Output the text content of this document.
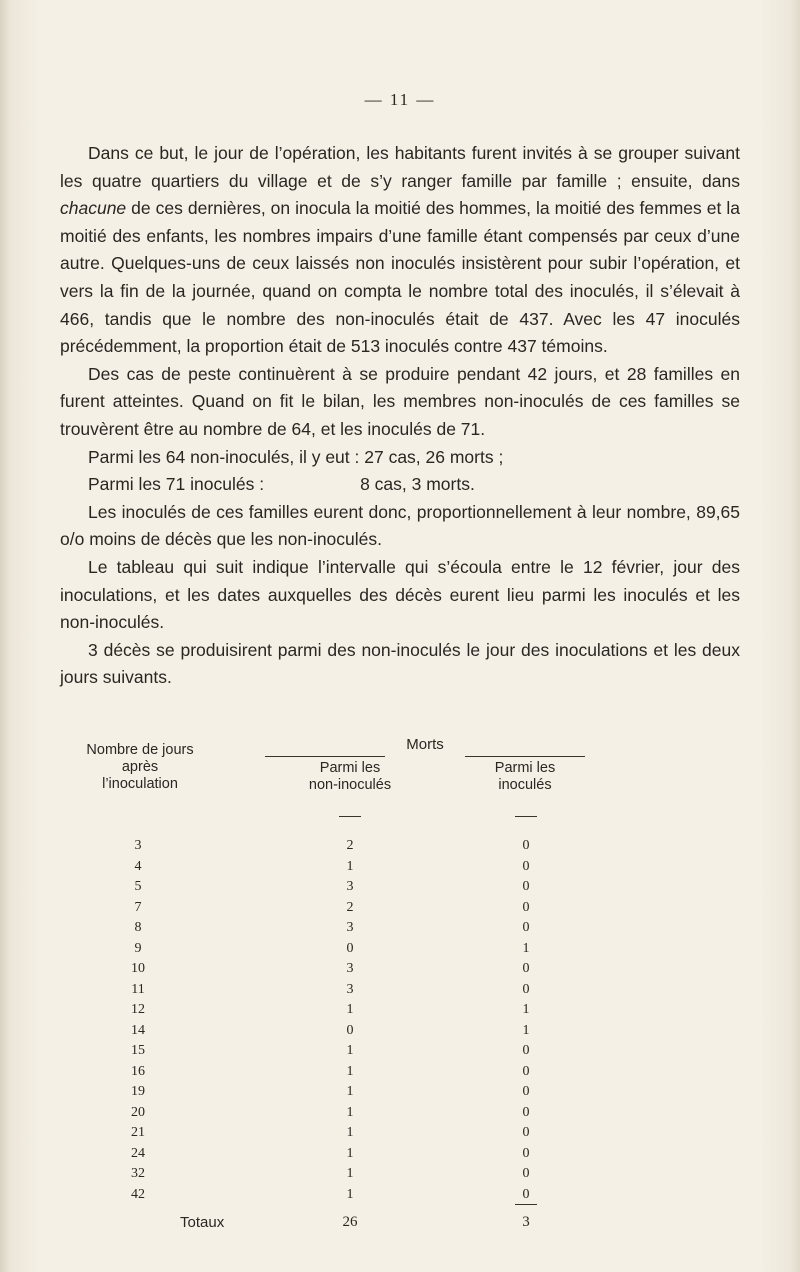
— 11 —

Dans ce but, le jour de l’opération, les habitants furent invités à se grouper suivant les quatre quartiers du village et de s’y ranger famille par famille ; ensuite, dans chacune de ces dernières, on inocula la moitié des hommes, la moitié des femmes et la moitié des enfants, les nombres impairs d’une famille étant compensés par ceux d’une autre. Quelques-uns de ceux laissés non inoculés insistèrent pour subir l’opération, et vers la fin de la journée, quand on compta le nombre total des inoculés, il s’élevait à 466, tandis que le nombre des non-inoculés était de 437. Avec les 47 inoculés précédemment, la proportion était de 513 inoculés contre 437 témoins.

Des cas de peste continuèrent à se produire pendant 42 jours, et 28 familles en furent atteintes. Quand on fit le bilan, les membres non-inoculés de ces familles se trouvèrent être au nombre de 64, et les inoculés de 71.

Parmi les 64 non-inoculés, il y eut : 27 cas, 26 morts ;

Parmi les 71 inoculés :	8 cas, 3 morts.

Les inoculés de ces familles eurent donc, proportionnellement à leur nombre, 89,65 o/o moins de décès que les non-inoculés.

Le tableau qui suit indique l’intervalle qui s’écoula entre le 12 février, jour des inoculations, et les dates auxquelles des décès eurent lieu parmi les inoculés et les non-inoculés.

3 décès se produisirent parmi des non-inoculés le jour des inoculations et les deux jours suivants.

Nombre de jours
après
l’inoculation
Morts
Parmi les
non-inoculés
Parmi les
inoculés
3	2	0
4	1	0
5	3	0
7	2	0
8	3	0
9	0	1
10	3	0
11	3	0
12	1	1
14	0	1
15	1	0
16	1	0
19	1	0
20	1	0
21	1	0
24	1	0
32	1	0
42	1	0
Totaux	26	3
